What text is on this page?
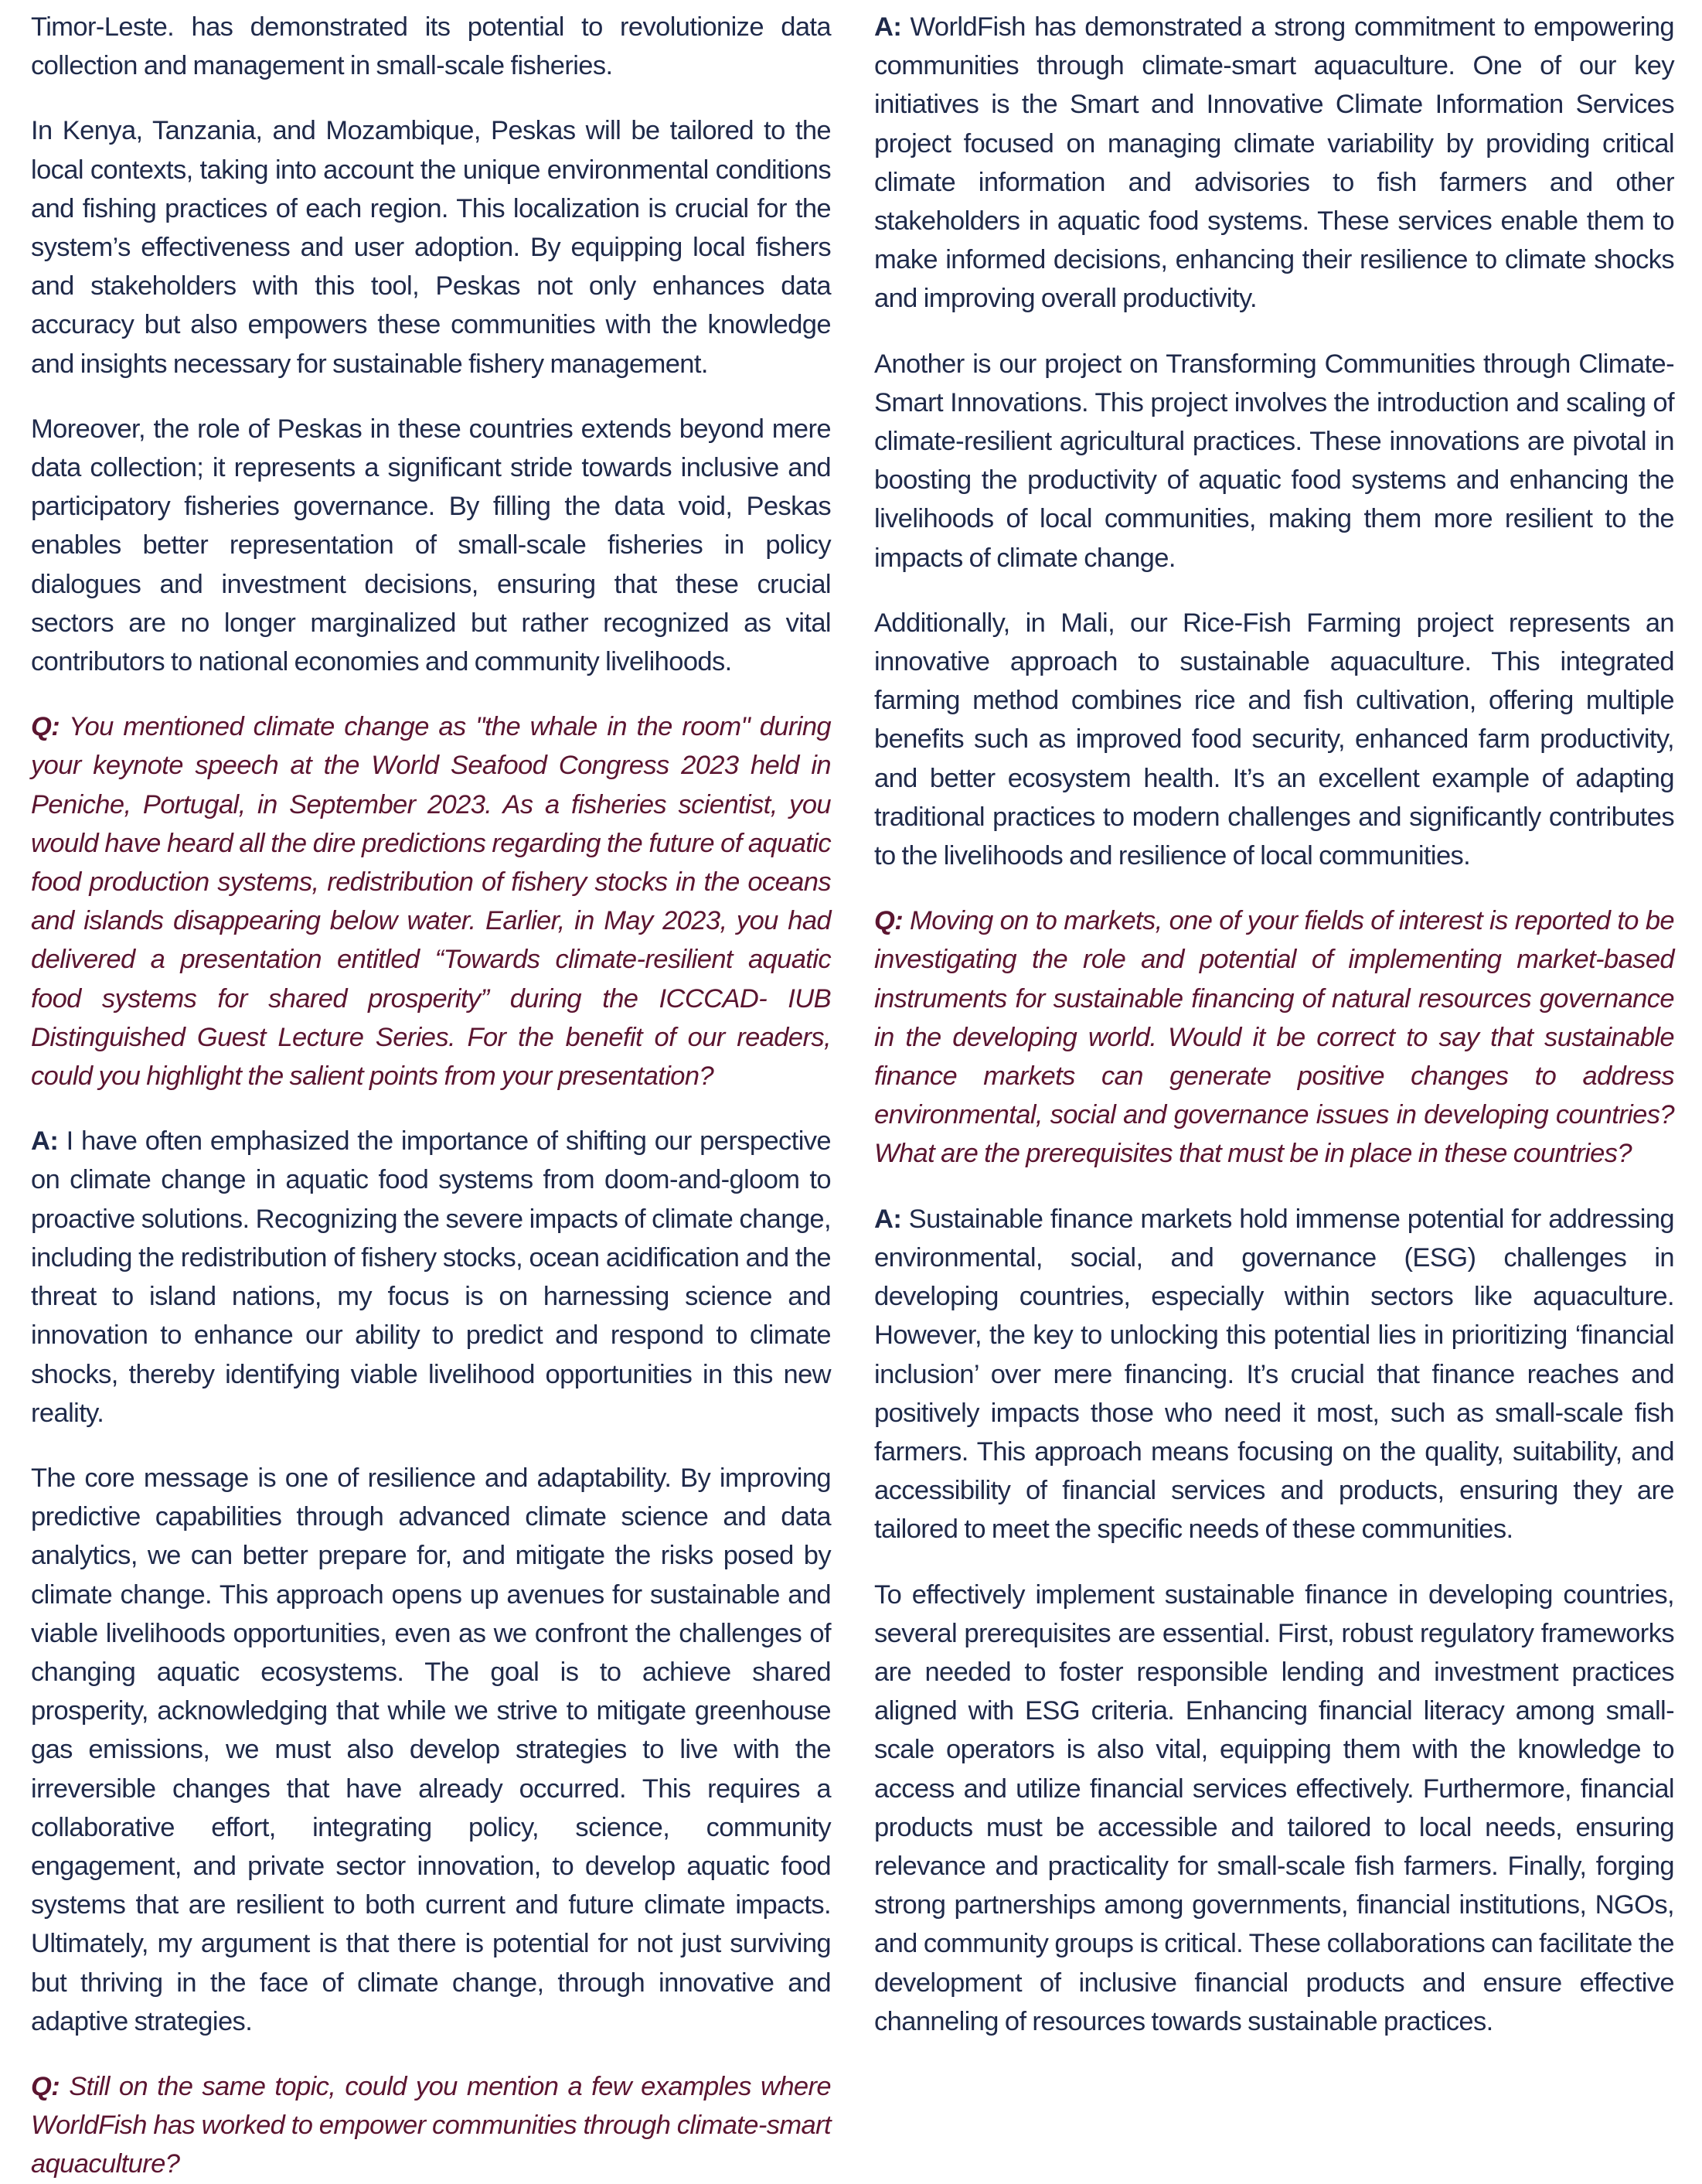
Timor-Leste. has demonstrated its potential to revolutionize data collection and management in small-scale fisheries.

In Kenya, Tanzania, and Mozambique, Peskas will be tailored to the local contexts, taking into account the unique environmental conditions and fishing practices of each region. This localization is crucial for the system’s effectiveness and user adoption. By equipping local fishers and stakeholders with this tool, Peskas not only enhances data accuracy but also empowers these communities with the knowledge and insights necessary for sustainable fishery management.

Moreover, the role of Peskas in these countries extends beyond mere data collection; it represents a significant stride towards inclusive and participatory fisheries governance. By filling the data void, Peskas enables better representation of small-scale fisheries in policy dialogues and investment decisions, ensuring that these crucial sectors are no longer marginalized but rather recognized as vital contributors to national economies and community livelihoods.

Q: You mentioned climate change as "the whale in the room" during your keynote speech at the World Seafood Congress 2023 held in Peniche, Portugal, in September 2023. As a fisheries scientist, you would have heard all the dire predictions regarding the future of aquatic food production systems, redistribution of fishery stocks in the oceans and islands disappearing below water. Earlier, in May 2023, you had delivered a presentation entitled “Towards climate-resilient aquatic food systems for shared prosperity” during the ICCCAD- IUB Distinguished Guest Lecture Series. For the benefit of our readers, could you highlight the salient points from your presentation?

A: I have often emphasized the importance of shifting our perspective on climate change in aquatic food systems from doom-and-gloom to proactive solutions. Recognizing the severe impacts of climate change, including the redistribution of fishery stocks, ocean acidification and the threat to island nations, my focus is on harnessing science and innovation to enhance our ability to predict and respond to climate shocks, thereby identifying viable livelihood opportunities in this new reality.

The core message is one of resilience and adaptability. By improving predictive capabilities through advanced climate science and data analytics, we can better prepare for, and mitigate the risks posed by climate change. This approach opens up avenues for sustainable and viable livelihoods opportunities, even as we confront the challenges of changing aquatic ecosystems. The goal is to achieve shared prosperity, acknowledging that while we strive to mitigate greenhouse gas emissions, we must also develop strategies to live with the irreversible changes that have already occurred. This requires a collaborative effort, integrating policy, science, community engagement, and private sector innovation, to develop aquatic food systems that are resilient to both current and future climate impacts. Ultimately, my argument is that there is potential for not just surviving but thriving in the face of climate change, through innovative and adaptive strategies.

Q: Still on the same topic, could you mention a few examples where WorldFish has worked to empower communities through climate-smart aquaculture?

A: WorldFish has demonstrated a strong commitment to empowering communities through climate-smart aquaculture. One of our key initiatives is the Smart and Innovative Climate Information Services project focused on managing climate variability by providing critical climate information and advisories to fish farmers and other stakeholders in aquatic food systems. These services enable them to make informed decisions, enhancing their resilience to climate shocks and improving overall productivity.

Another is our project on Transforming Communities through Climate-Smart Innovations. This project involves the introduction and scaling of climate-resilient agricultural practices. These innovations are pivotal in boosting the productivity of aquatic food systems and enhancing the livelihoods of local communities, making them more resilient to the impacts of climate change.

Additionally, in Mali, our Rice-Fish Farming project represents an innovative approach to sustainable aquaculture. This integrated farming method combines rice and fish cultivation, offering multiple benefits such as improved food security, enhanced farm productivity, and better ecosystem health. It’s an excellent example of adapting traditional practices to modern challenges and significantly contributes to the livelihoods and resilience of local communities.

Q: Moving on to markets, one of your fields of interest is reported to be investigating the role and potential of implementing market-based instruments for sustainable financing of natural resources governance in the developing world. Would it be correct to say that sustainable finance markets can generate positive changes to address environmental, social and governance issues in developing countries? What are the prerequisites that must be in place in these countries?

A: Sustainable finance markets hold immense potential for addressing environmental, social, and governance (ESG) challenges in developing countries, especially within sectors like aquaculture. However, the key to unlocking this potential lies in prioritizing ‘financial inclusion’ over mere financing. It’s crucial that finance reaches and positively impacts those who need it most, such as small-scale fish farmers. This approach means focusing on the quality, suitability, and accessibility of financial services and products, ensuring they are tailored to meet the specific needs of these communities.

To effectively implement sustainable finance in developing countries, several prerequisites are essential. First, robust regulatory frameworks are needed to foster responsible lending and investment practices aligned with ESG criteria. Enhancing financial literacy among small-scale operators is also vital, equipping them with the knowledge to access and utilize financial services effectively. Furthermore, financial products must be accessible and tailored to local needs, ensuring relevance and practicality for small-scale fish farmers. Finally, forging strong partnerships among governments, financial institutions, NGOs, and community groups is critical. These collaborations can facilitate the development of inclusive financial products and ensure effective channeling of resources towards sustainable practices.
